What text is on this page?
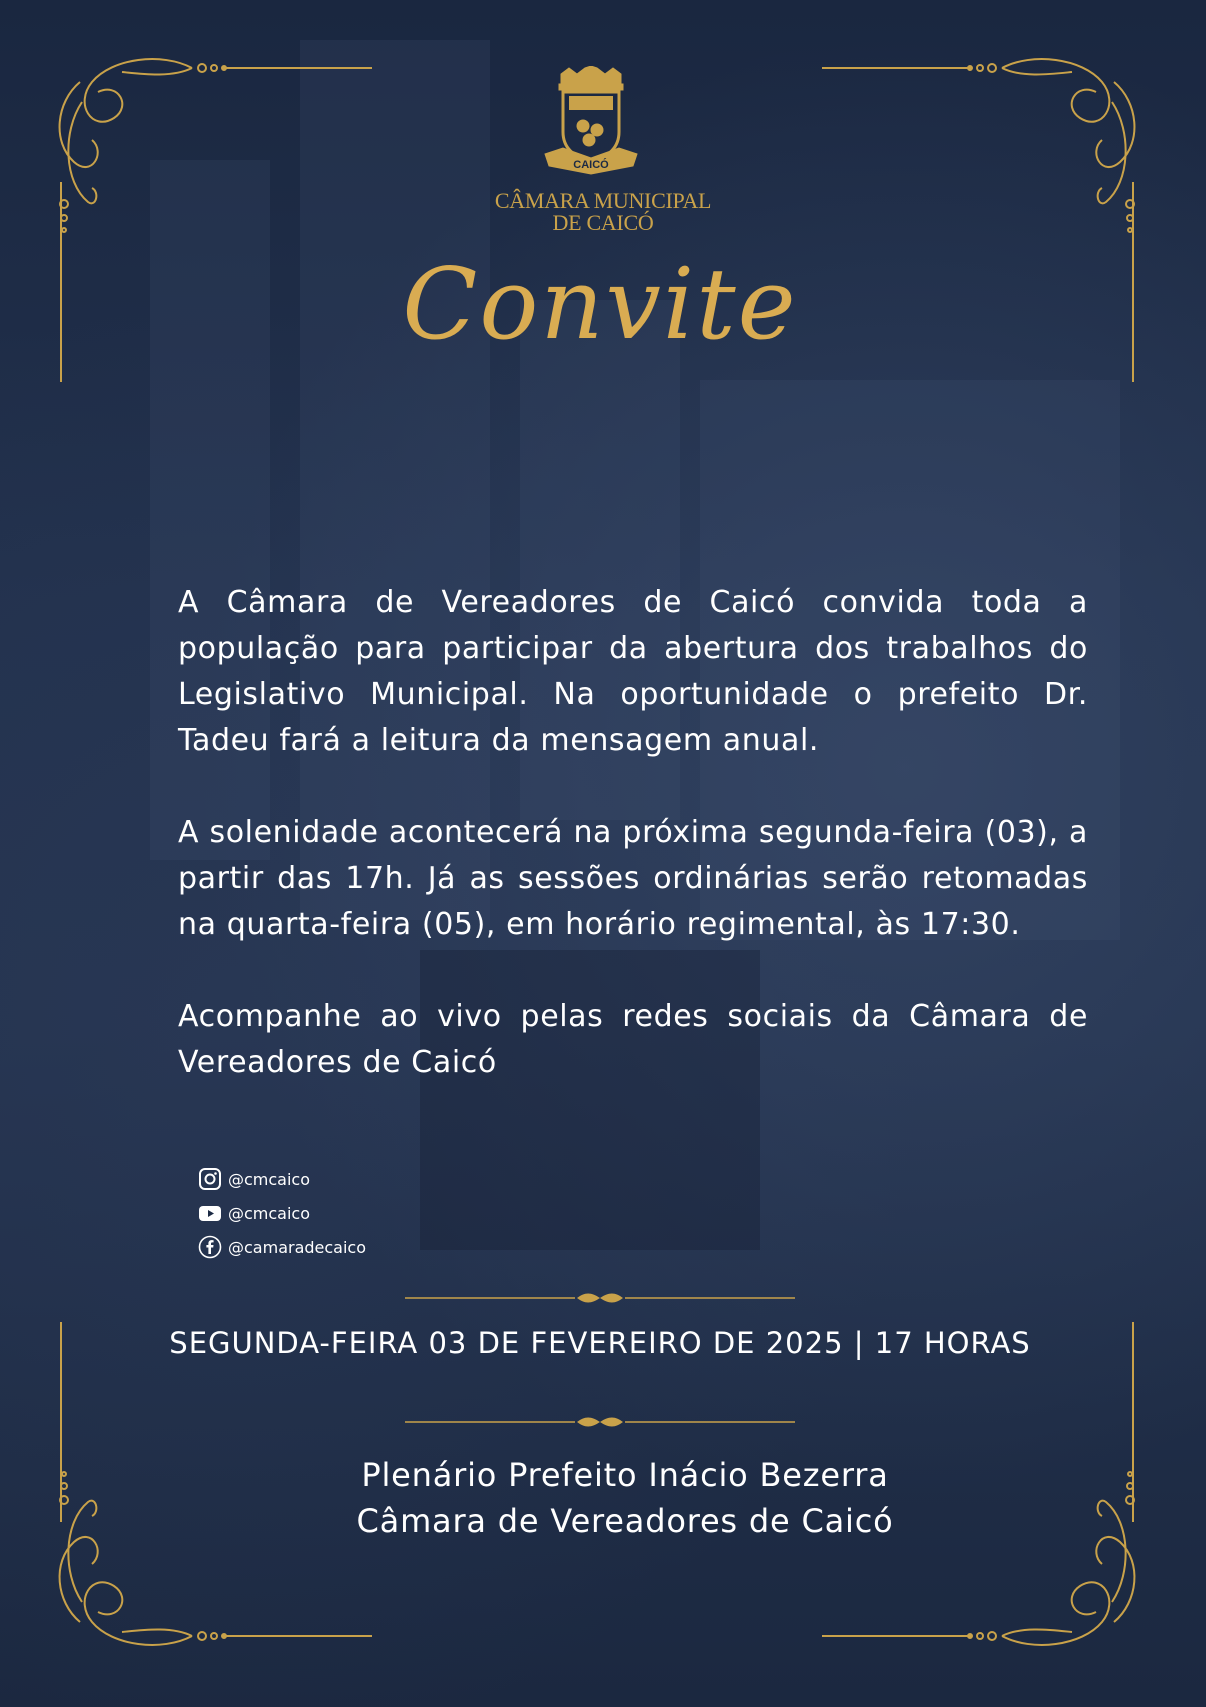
CAICÓ
CÂMARA MUNICIPAL
DE CAICÓ
Convite

A Câmara de Vereadores de Caicó convida toda a população para participar da abertura dos trabalhos do Legislativo Municipal. Na oportunidade o prefeito Dr. Tadeu fará a leitura da mensagem anual.

A solenidade acontecerá na próxima segunda-feira (03), a partir das 17h. Já as sessões ordinárias serão retomadas na quarta-feira (05), em horário regimental, às 17:30.

Acompanhe ao vivo pelas redes sociais da Câmara de Vereadores de Caicó

@cmcaico
@cmcaico
@camaradecaico
SEGUNDA-FEIRA 03 DE FEVEREIRO DE 2025 | 17 HORAS
Plenário Prefeito Inácio Bezerra
Câmara de Vereadores de Caicó
